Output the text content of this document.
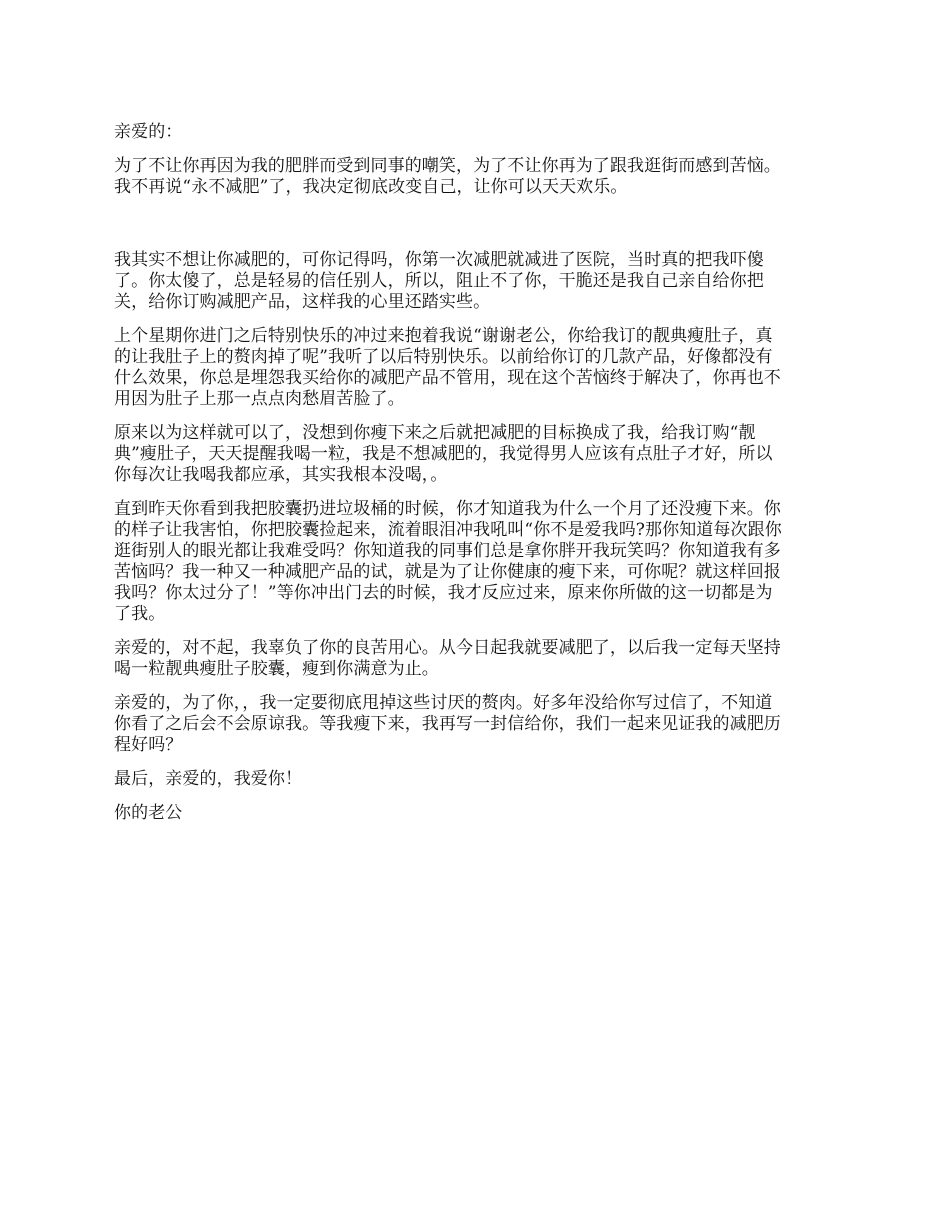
亲爱的：

为了不让你再因为我的肥胖而受到同事的嘲笑，为了不让你再为了跟我逛街而感到苦恼。

我不再说“永不减肥”了，我决定彻底改变自己，让你可以天天欢乐。

我其实不想让你减肥的，可你记得吗，你第一次减肥就减进了医院，当时真的把我吓傻

了。你太傻了，总是轻易的信任别人，所以，阻止不了你，干脆还是我自己亲自给你把

关，给你订购减肥产品，这样我的心里还踏实些。

上个星期你进门之后特别快乐的冲过来抱着我说“谢谢老公，你给我订的靓典瘦肚子，真

的让我肚子上的赘肉掉了呢”我听了以后特别快乐。以前给你订的几款产品，好像都没有

什么效果，你总是埋怨我买给你的减肥产品不管用，现在这个苦恼终于解决了，你再也不

用因为肚子上那一点点肉愁眉苦脸了。

原来以为这样就可以了，没想到你瘦下来之后就把减肥的目标换成了我，给我订购“靓

典”瘦肚子，天天提醒我喝一粒，我是不想减肥的，我觉得男人应该有点肚子才好，所以

你每次让我喝我都应承，其实我根本没喝，。

直到昨天你看到我把胶囊扔进垃圾桶的时候，你才知道我为什么一个月了还没瘦下来。你

的样子让我害怕，你把胶囊捡起来，流着眼泪冲我吼叫“你不是爱我吗?那你知道每次跟你

逛街别人的眼光都让我难受吗？你知道我的同事们总是拿你胖开我玩笑吗？你知道我有多

苦恼吗？我一种又一种减肥产品的试，就是为了让你健康的瘦下来，可你呢？就这样回报

我吗？你太过分了！”等你冲出门去的时候，我才反应过来，原来你所做的这一切都是为

了我。

亲爱的，对不起，我辜负了你的良苦用心。从今日起我就要减肥了，以后我一定每天坚持

喝一粒靓典瘦肚子胶囊，瘦到你满意为止。

亲爱的，为了你，，我一定要彻底甩掉这些讨厌的赘肉。好多年没给你写过信了，不知道

你看了之后会不会原谅我。等我瘦下来，我再写一封信给你，我们一起来见证我的减肥历

程好吗？

最后，亲爱的，我爱你！

你的老公
